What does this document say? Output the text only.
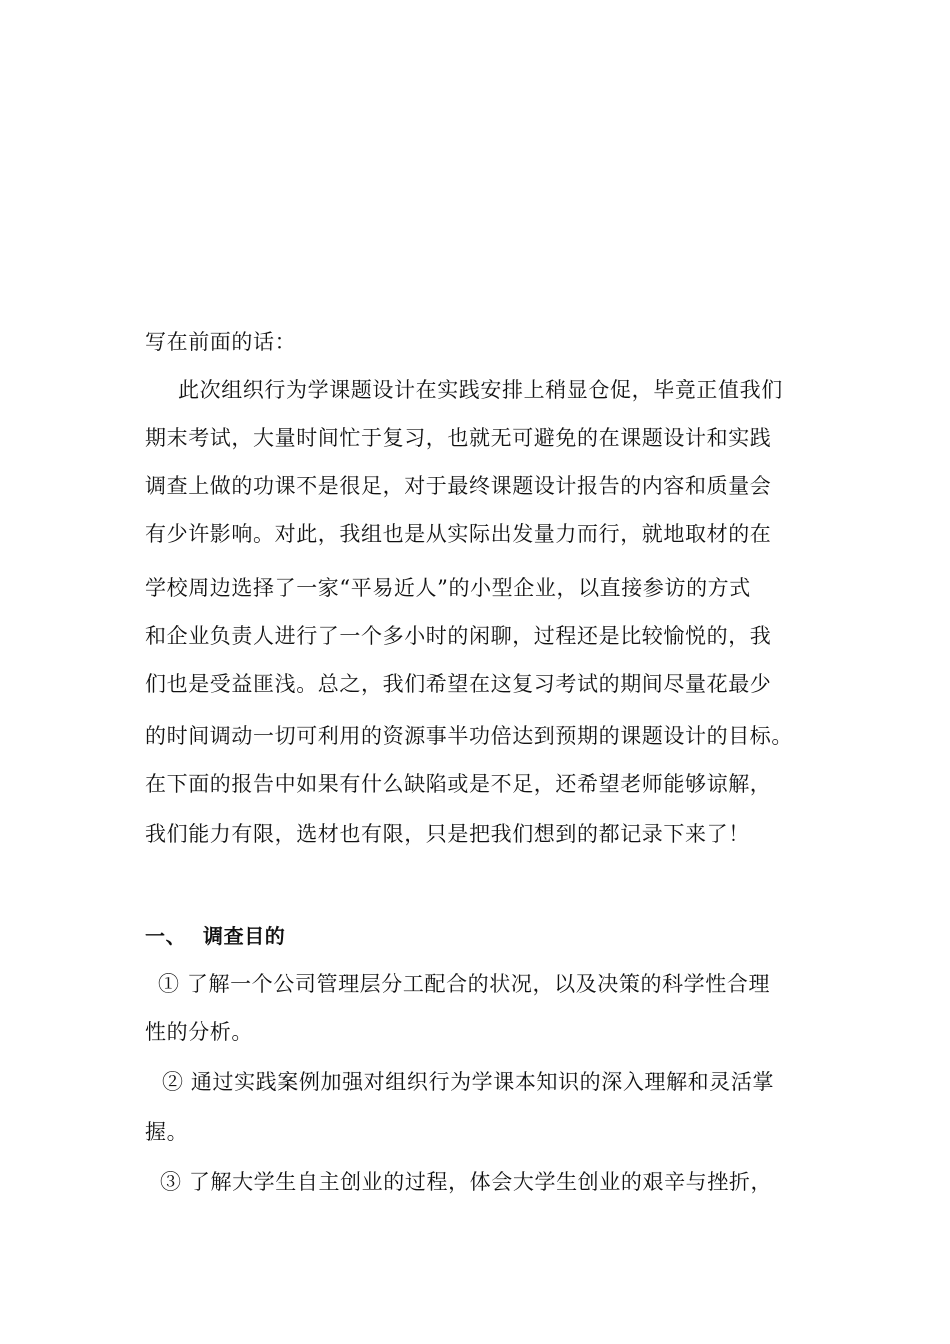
写在前面的话：
此次组织行为学课题设计在实践安排上稍显仓促，毕竟正值我们
期末考试，大量时间忙于复习，也就无可避免的在课题设计和实践
调查上做的功课不是很足，对于最终课题设计报告的内容和质量会
有少许影响。对此，我组也是从实际出发量力而行，就地取材的在
学校周边选择了一家“平易近人”的小型企业，以直接参访的方式
和企业负责人进行了一个多小时的闲聊，过程还是比较愉悦的，我
们也是受益匪浅。总之，我们希望在这复习考试的期间尽量花最少
的时间调动一切可利用的资源事半功倍达到预期的课题设计的目标。
在下面的报告中如果有什么缺陷或是不足，还希望老师能够谅解，
我们能力有限，选材也有限，只是把我们想到的都记录下来了！
一、 调查目的
① 了解一个公司管理层分工配合的状况，以及决策的科学性合理
性的分析。
② 通过实践案例加强对组织行为学课本知识的深入理解和灵活掌
握。
③ 了解大学生自主创业的过程，体会大学生创业的艰辛与挫折，
